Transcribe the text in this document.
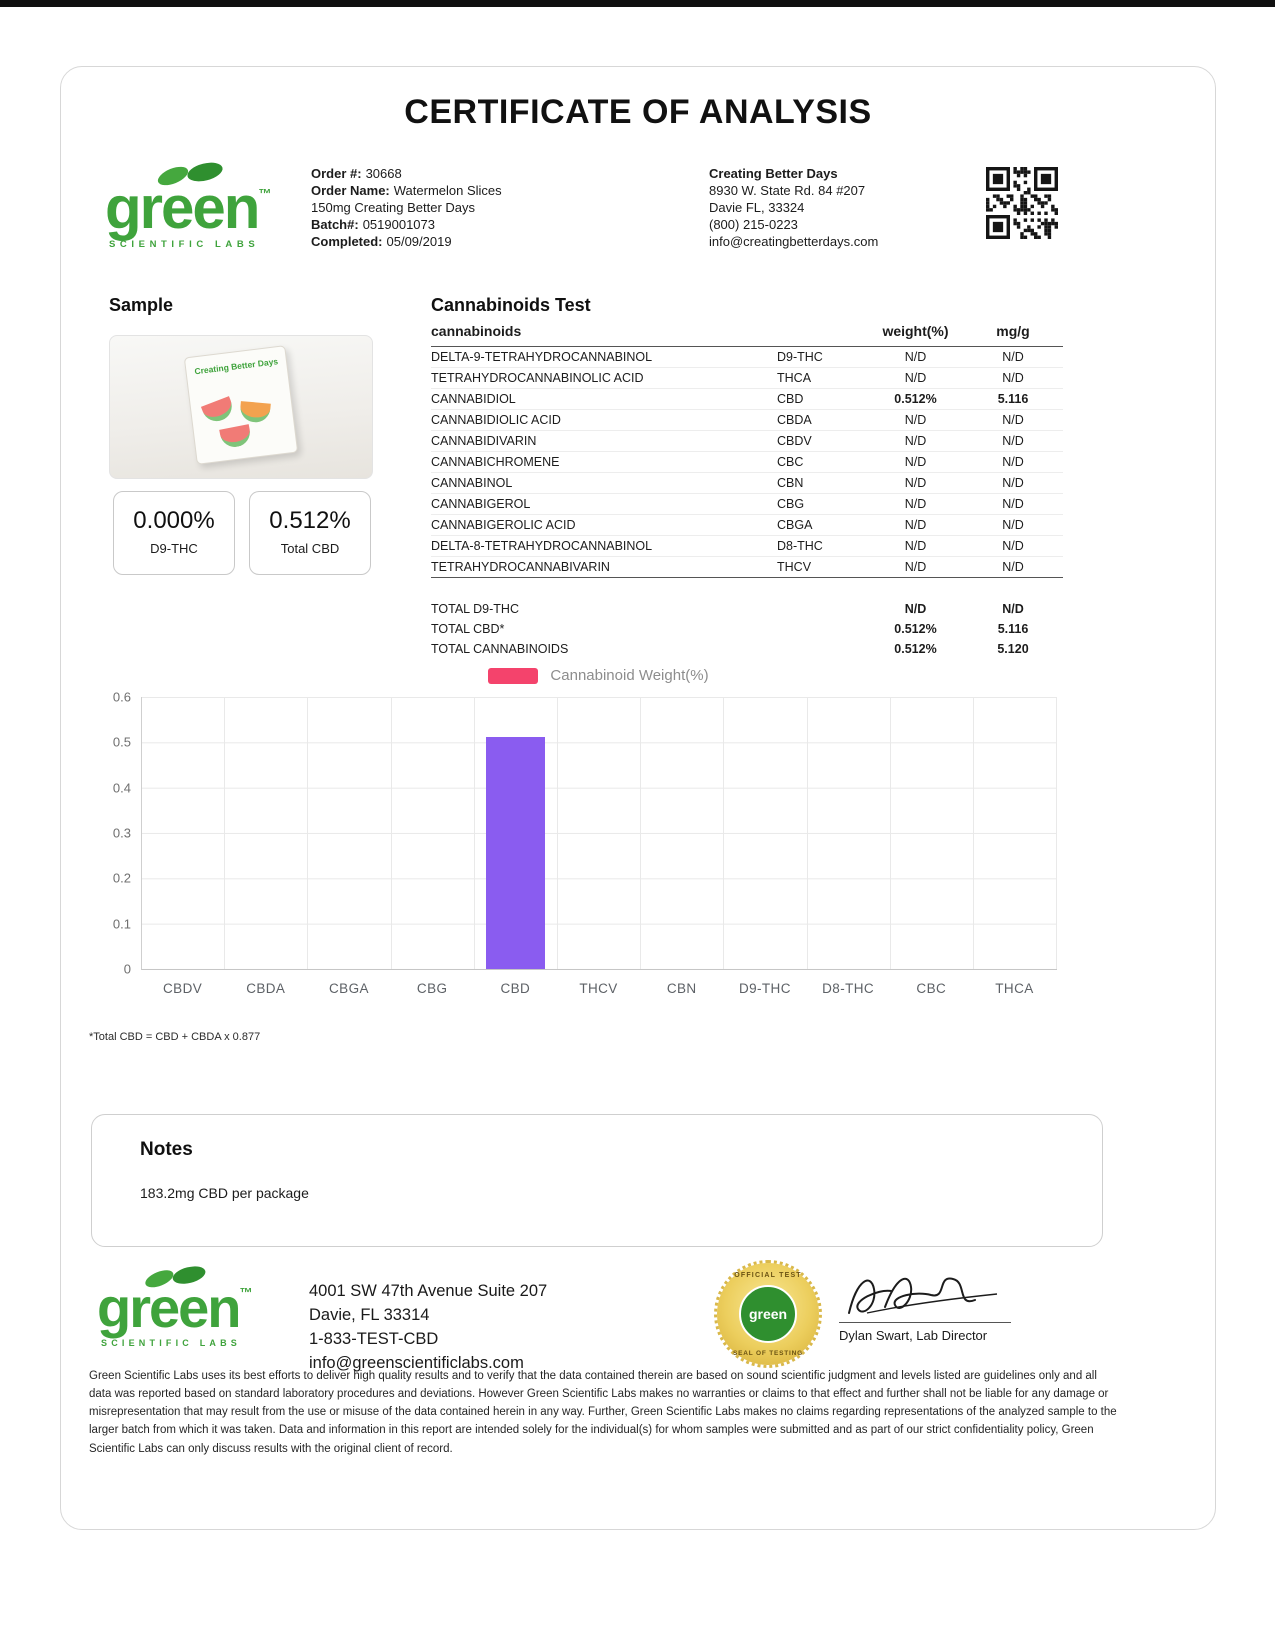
CERTIFICATE OF ANALYSIS
green™
SCIENTIFIC LABS
Order #: 30668
Order Name: Watermelon Slices 150mg Creating Better Days
Batch#: 0519001073
Completed: 05/09/2019
Creating Better Days
8930 W. State Rd. 84 #207
Davie FL, 33324
(800) 215-0223
info@creatingbetterdays.com
Sample	Cannabinoids Test
Creating Better Days
0.000%
D9-THC
0.512%
Total CBD
cannabinoids		weight(%)	mg/g
DELTA-9-TETRAHYDROCANNABINOL	D9-THC	N/D	N/D
TETRAHYDROCANNABINOLIC ACID	THCA	N/D	N/D
CANNABIDIOL	CBD	0.512%	5.116
CANNABIDIOLIC ACID	CBDA	N/D	N/D
CANNABIDIVARIN	CBDV	N/D	N/D
CANNABICHROMENE	CBC	N/D	N/D
CANNABINOL	CBN	N/D	N/D
CANNABIGEROL	CBG	N/D	N/D
CANNABIGEROLIC ACID	CBGA	N/D	N/D
DELTA-8-TETRAHYDROCANNABINOL	D8-THC	N/D	N/D
TETRAHYDROCANNABIVARIN	THCV	N/D	N/D
TOTAL D9-THC		N/D	N/D
TOTAL CBD*		0.512%	5.116
TOTAL CANNABINOIDS		0.512%	5.120
Cannabinoid Weight(%)
0
0.1
0.2
0.3
0.4
0.5
0.6
CBDV	CBDA	CBGA	CBG	CBD	THCV	CBN	D9-THC	D8-THC	CBC	THCA
*Total CBD = CBD + CBDA x 0.877
Notes
183.2mg CBD per package
green™
SCIENTIFIC LABS
4001 SW 47th Avenue Suite 207
Davie, FL 33314
1-833-TEST-CBD
info@greenscientificlabs.com
OFFICIAL TEST
green
SEAL OF TESTING
Dylan Swart, Lab Director

Green Scientific Labs uses its best efforts to deliver high quality results and to verify that the data contained therein are based on sound scientific judgment and levels listed are guidelines only and all data was reported based on standard laboratory procedures and deviations. However Green Scientific Labs makes no warranties or claims to that effect and further shall not be liable for any damage or misrepresentation that may result from the use or misuse of the data contained herein in any way. Further, Green Scientific Labs makes no claims regarding representations of the analyzed sample to the larger batch from which it was taken. Data and information in this report are intended solely for the individual(s) for whom samples were submitted and as part of our strict confidentiality policy, Green Scientific Labs can only discuss results with the original client of record.
